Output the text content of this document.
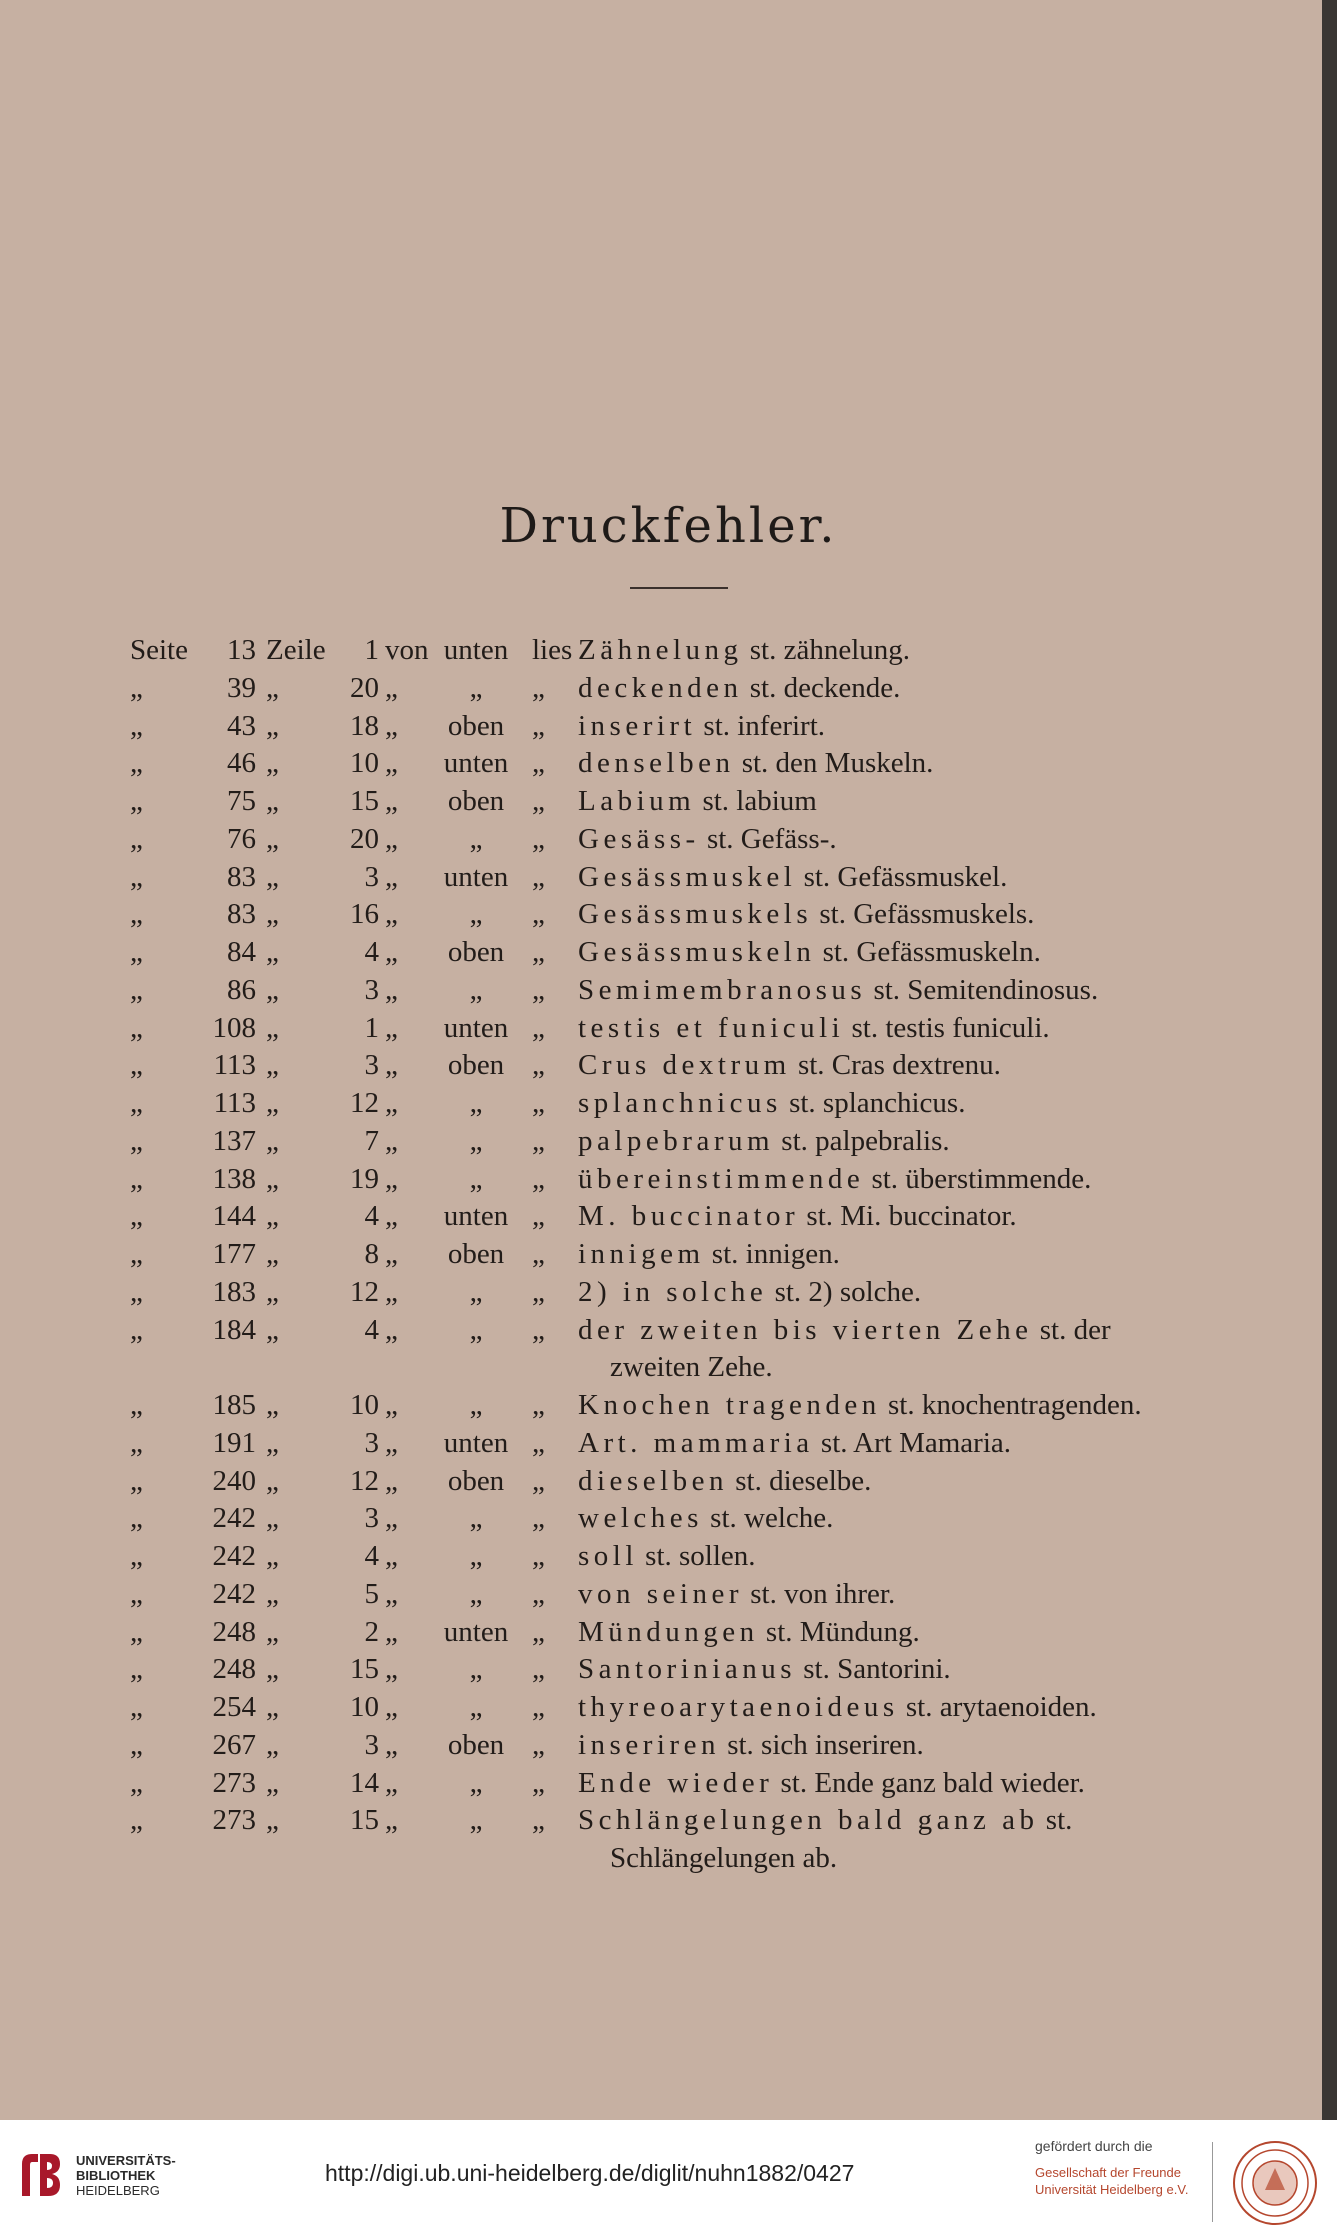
Druckfehler.
Seite	13 Zeile	1 von unten lies Zähnelung st. zähnelung.
„	39 „	20 „	„	„	deckenden st. deckende.
„	43 „	18 „	oben „	inserirt st. inferirt.
„	46 „	10 „	unten „	denselben st. den Muskeln.
„	75 „	15 „	oben „	Labium st. labium
„	76 „	20 „	„	„	Gesäss- st. Gefäss-.
„	83 „	3 „	unten „	Gesässmuskel st. Gefässmuskel.
„	83 „	16 „	„	„	Gesässmuskels st. Gefässmuskels.
„	84 „	4 „	oben „	Gesässmuskeln st. Gefässmuskeln.
„	86 „	3 „	„	„	Semimembranosus st. Semitendinosus.
„	108 „	1 „	unten „	testis et funiculi st. testis funiculi.
„	113 „	3 „	oben „	Crus dextrum st. Cras dextrenu.
„	113 „	12 „	„	„	splanchnicus st. splanchicus.
„	137 „	7 „	„	„	palpebrarum st. palpebralis.
„	138 „	19 „	„	„	übereinstimmende st. überstimmende.
„	144 „	4 „	unten „	M. buccinator st. Mi. buccinator.
„	177 „	8 „	oben „	innigem st. innigen.
„	183 „	12 „	„	„	2) in solche st. 2) solche.
„	184 „	4 „	„	„	der zweiten bis vierten Zehe st. der
zweiten Zehe.
„	185 „	10 „	„	„	Knochen tragenden st. knochentragenden.
„	191 „	3 „	unten „	Art. mammaria st. Art Mamaria.
„	240 „	12 „	oben „	dieselben st. dieselbe.
„	242 „	3 „	„	„	welches st. welche.
„	242 „	4 „	„	„	soll st. sollen.
„	242 „	5 „	„	„	von seiner st. von ihrer.
„	248 „	2 „	unten „	Mündungen st. Mündung.
„	248 „	15 „	„	„	Santorinianus st. Santorini.
„	254 „	10 „	„	„	thyreoarytaenoideus st. arytaenoiden.
„	267 „	3 „	oben „	inseriren st. sich inseriren.
„	273 „	14 „	„	„	Ende wieder st. Ende ganz bald wieder.
„	273 „	15 „	„	„	Schlängelungen bald ganz ab st.
Schlängelungen ab.
UNIVERSITÄTS-
BIBLIOTHEK
HEIDELBERG
http://digi.ub.uni-heidelberg.de/diglit/nuhn1882/0427
gefördert durch die
Gesellschaft der Freunde
Universität Heidelberg e.V.
